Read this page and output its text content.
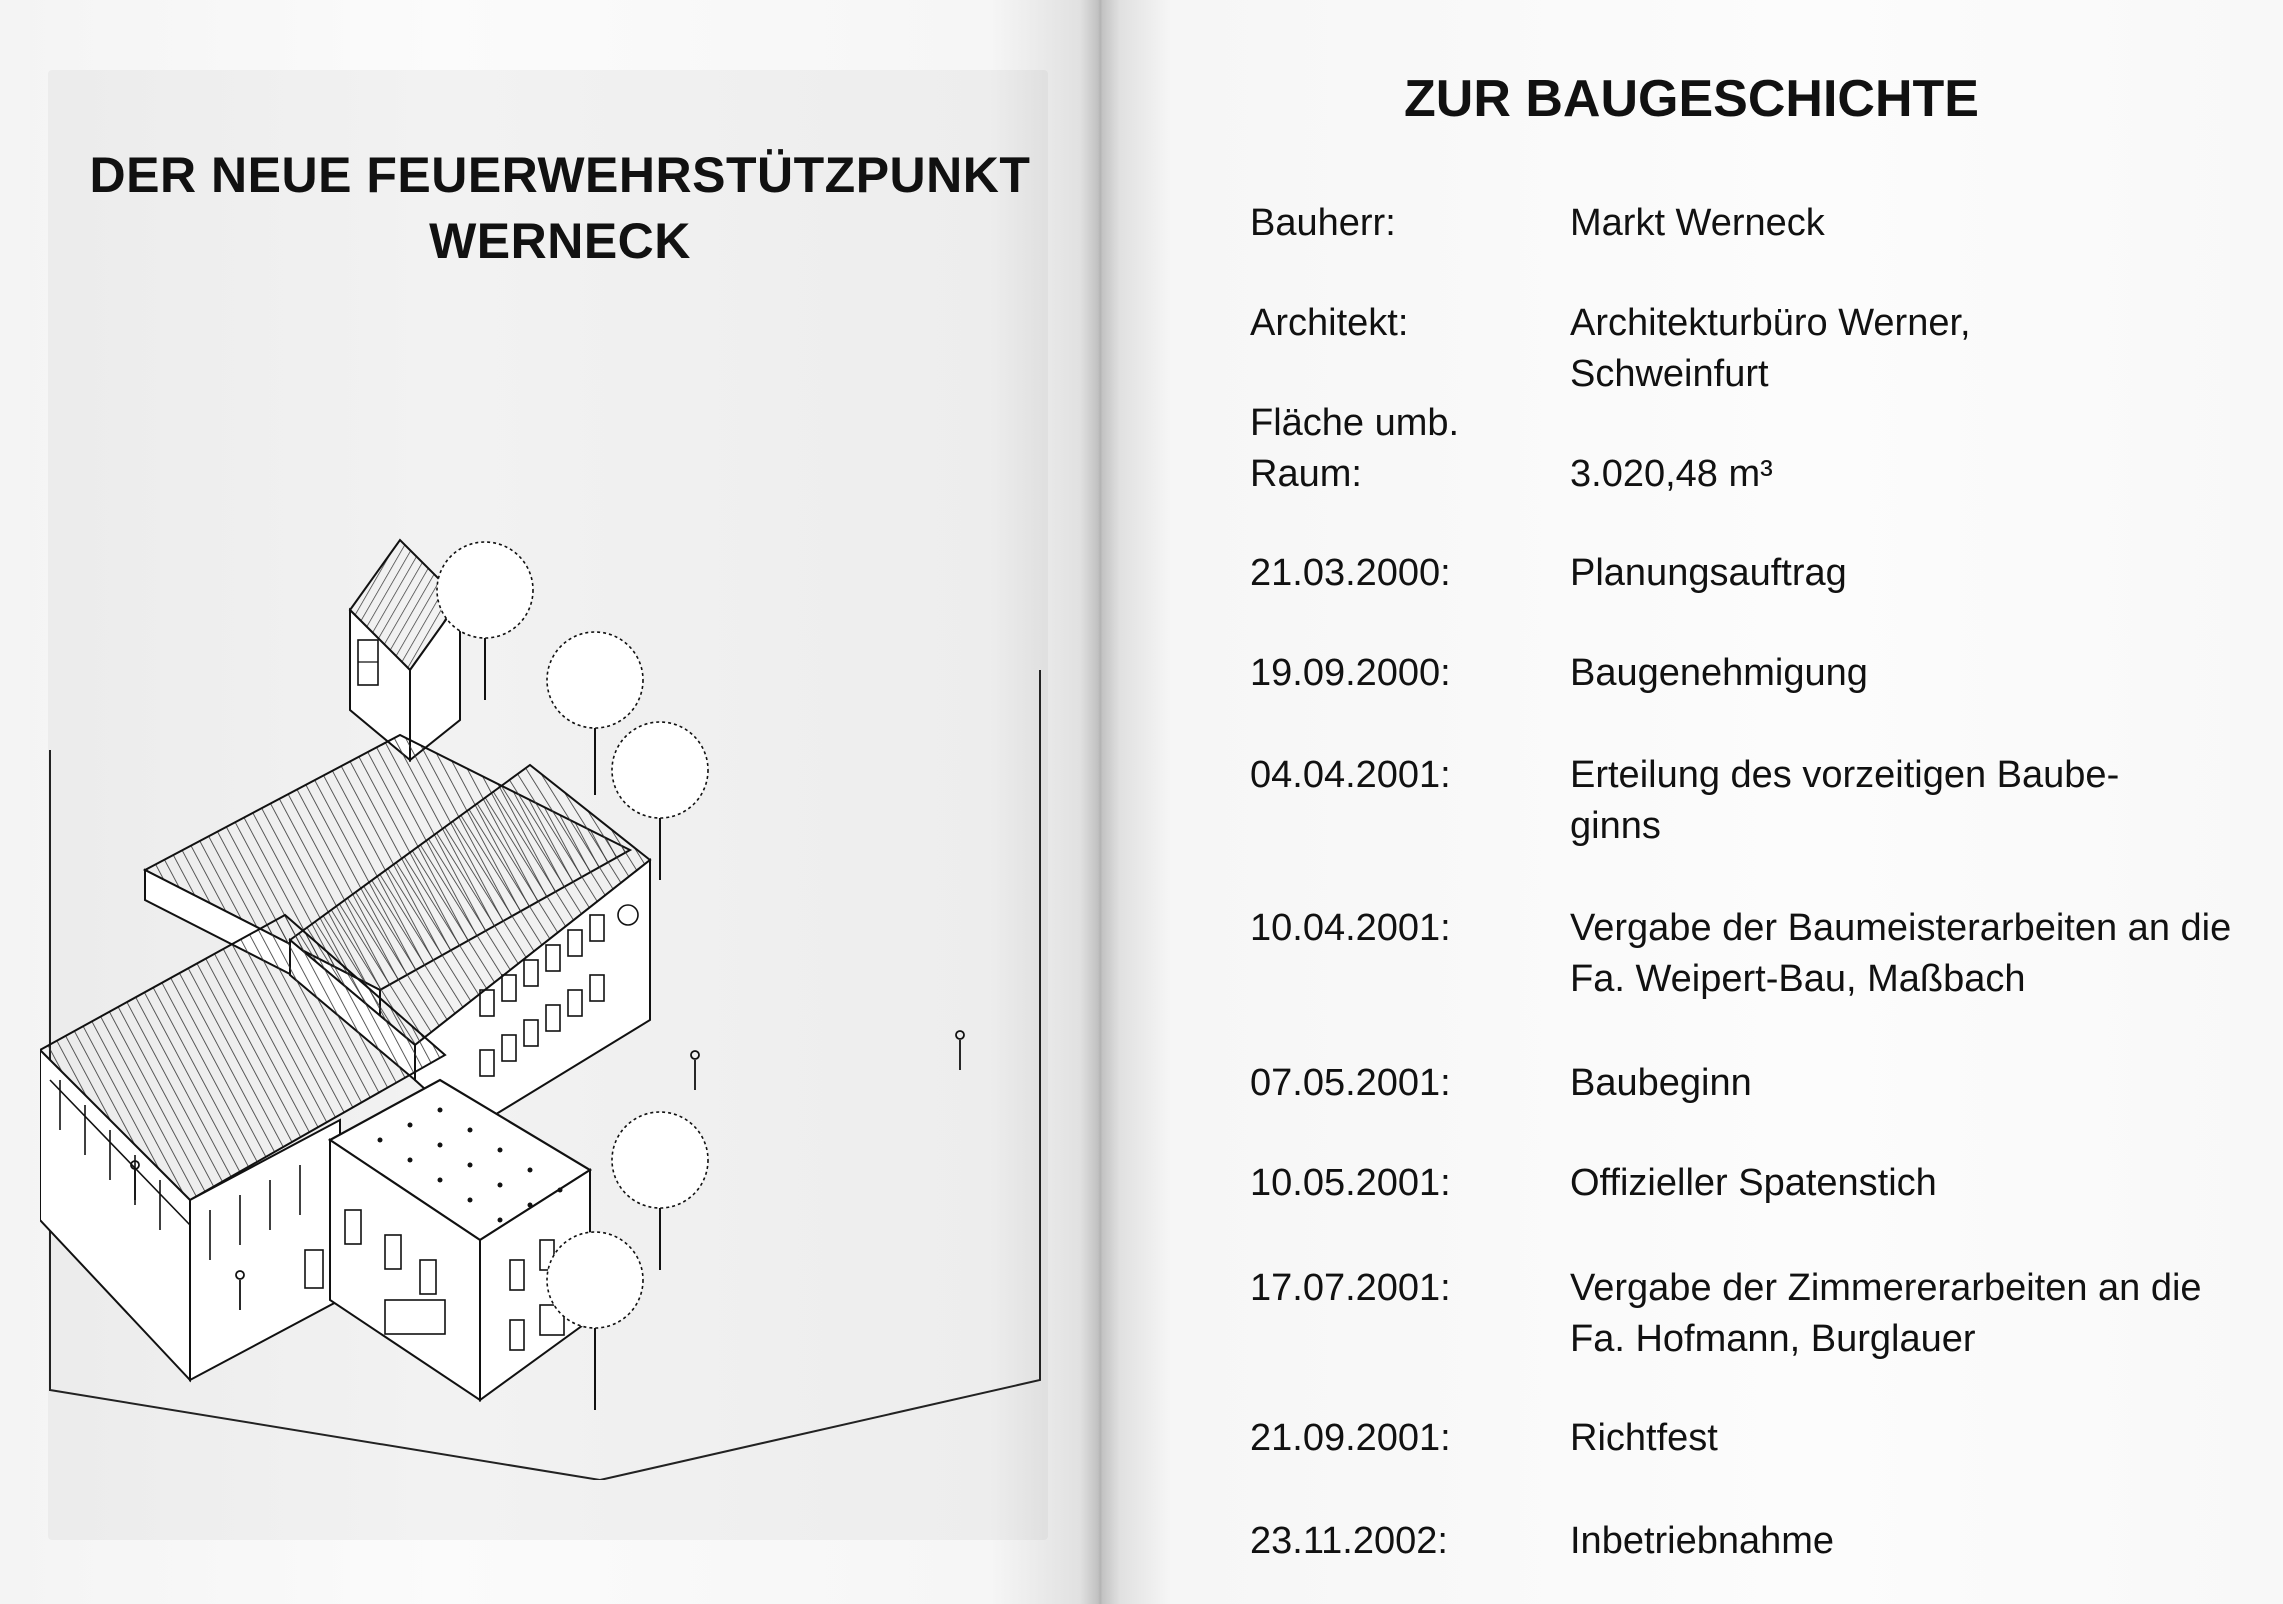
DER NEUE FEUERWEHRSTÜTZPUNKT
WERNECK
ZUR BAUGESCHICHTE
Bauherr:	Markt Werneck
Architekt:	Architekturbüro Werner, Schweinfurt
Fläche umb. Raum:	3.020,48 m³
21.03.2000:	Planungsauftrag
19.09.2000:	Baugenehmigung
04.04.2001:	Erteilung des vorzeitigen Baube- ginns
10.04.2001:	Vergabe der Baumeisterarbeiten an die Fa. Weipert-Bau, Maßbach
07.05.2001:	Baubeginn
10.05.2001:	Offizieller Spatenstich
17.07.2001:	Vergabe der Zimmererarbeiten an die Fa. Hofmann, Burglauer
21.09.2001:	Richtfest
23.11.2002:	Inbetriebnahme
